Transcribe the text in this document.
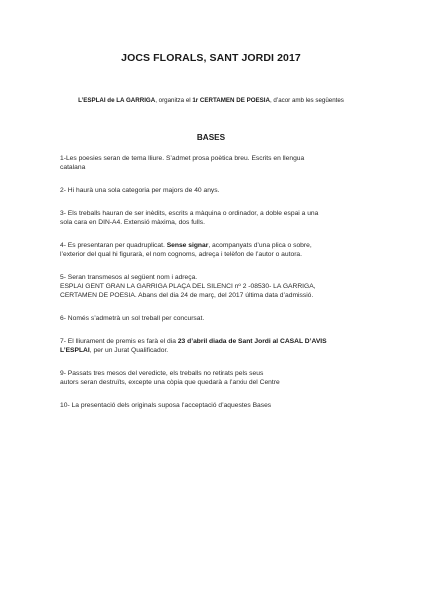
JOCS FLORALS, SANT JORDI 2017
L’ESPLAI de LA GARRIGA, organitza el 1r CERTAMEN DE POESIA, d’acor amb les següentes
BASES
1-Les poesies seran de tema lliure. S’admet prosa poètica breu. Escrits en llengua
catalana
2- Hi haurà una sola categoria per majors de 40 anys.
3- Els treballs hauran de ser inèdits, escrits a màquina o ordinador, a doble espai a una
sola cara en DIN-A4. Extensió màxima, dos fulls.
4- Es presentaran per quadruplicat. Sense signar, acompanyats d’una plica o sobre,
l’exterior del qual hi figurarà, el nom cognoms, adreça i telèfon de l’autor o autora.
5- Seran transmesos al següent nom i adreça.
ESPLAI GENT GRAN LA GARRIGA PLAÇA DEL SILENCI nº 2 -08530- LA GARRIGA,
CERTAMEN DE POESIA. Abans del dia 24 de març, del 2017 última data d’admissió.
6- Només s’admetrà un sol treball per concursat.
7- El lliurament de premis es farà el dia 23 d’abril diada de Sant Jordi al CASAL D’AVIS
L’ESPLAI, per un Jurat Qualificador.
9- Passats tres mesos del veredicte, els treballs no retirats pels seus
autors seran destruïts, excepte una còpia que quedarà a l’arxiu del Centre
10- La presentació dels originals suposa l’acceptació d’aquestes Bases
